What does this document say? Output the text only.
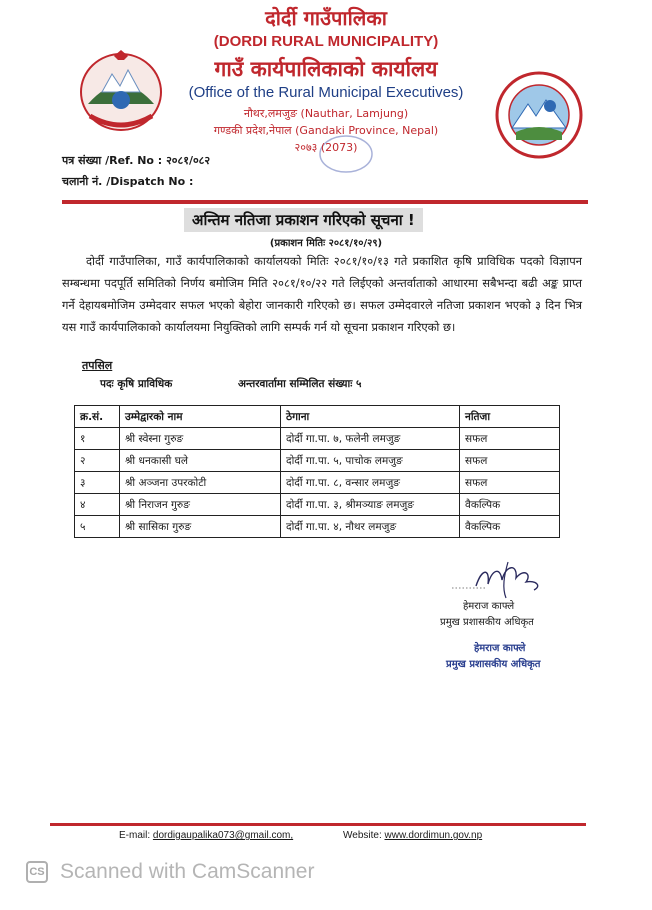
दोर्दी गाउँपालिका
(DORDI RURAL MUNICIPALITY)
गाउँ कार्यपालिकाको कार्यालय
(Office of the Rural Municipal Executives)
नौथर,लमजुङ (Nauthar, Lamjung)
गण्डकी प्रदेश,नेपाल (Gandaki Province, Nepal)
२०७३ (2073)
पत्र संख्या /Ref. No : २०८१/०८२
चलानी नं. /Dispatch No :
अन्तिम नतिजा प्रकाशन गरिएको सूचना !
(प्रकाशन मितिः २०८१/१०/२९)
दोर्दी गाउँपालिका, गाउँ कार्यपालिकाको कार्यालयको मितिः २०८१/१०/१३ गते प्रकाशित कृषि प्राविधिक पदको विज्ञापन सम्बन्धमा पदपूर्ति समितिको निर्णय बमोजिम मिति २०८१/१०/२२ गते लिईएको अन्तर्वाताको आधारमा सबैभन्दा बढी अङ्क प्राप्त गर्ने देहायबमोजिम उम्मेदवार सफल भएको बेहोरा जानकारी गरिएको छ। सफल उम्मेदवारले नतिजा प्रकाशन भएको ३ दिन भित्र यस गाउँ कार्यपालिकाको कार्यालयमा नियुक्तिको लागि सम्पर्क गर्न यो सूचना प्रकाशन गरिएको छ।
तपसिल
पदः कृषि प्राविधिक	अन्तरवार्तामा सम्मिलित संख्याः ५
क्र.सं.	उम्मेद्वारको नाम	ठेगाना	नतिजा
१	श्री स्वेस्ना गुरुङ	दोर्दी गा.पा. ७, फलेनी लमजुङ	सफल
२	श्री धनकासी घले	दोर्दी गा.पा. ५, पाचोक लमजुङ	सफल
३	श्री अञ्जना उपरकोटी	दोर्दी गा.पा. ८, वन्सार लमजुङ	सफल
४	श्री निराजन गुरुङ	दोर्दी गा.पा. ३, श्रीमञ्याङ लमजुङ	वैकल्पिक
५	श्री सासिका गुरुङ	दोर्दी गा.पा. ४, नौथर लमजुङ	वैकल्पिक
हेमराज काफ्ले
प्रमुख प्रशासकीय अधिकृत
हेमराज काफ्ले
प्रमुख प्रशासकीय अधिकृत
E-mail: dordigaupalika073@gmail.com,	Website: www.dordimun.gov.np
CS Scanned with CamScanner
